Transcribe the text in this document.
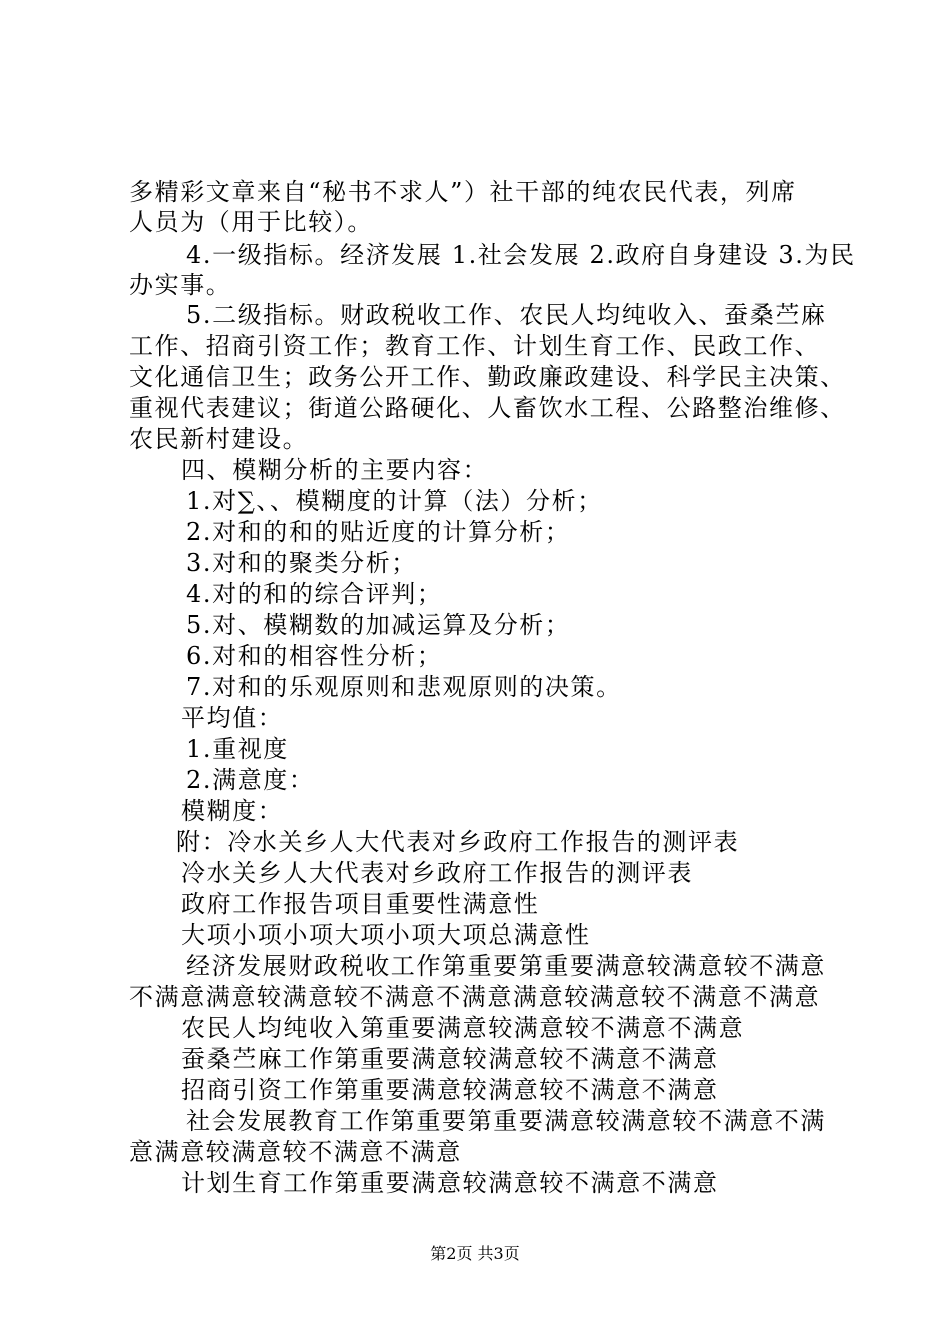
多精彩文章来自“秘书不求人”）社干部的纯农民代表，列席

人员为（用于比较）。

4.一级指标。经济发展 1.社会发展 2.政府自身建设 3.为民

办实事。

5.二级指标。财政税收工作、农民人均纯收入、蚕桑苎麻

工作、招商引资工作；教育工作、计划生育工作、民政工作、

文化通信卫生；政务公开工作、勤政廉政建设、科学民主决策、

重视代表建议；街道公路硬化、人畜饮水工程、公路整治维修、

农民新村建设。

四、模糊分析的主要内容：

1.对∑、、模糊度的计算（法）分析；

2.对和的和的贴近度的计算分析；

3.对和的聚类分析；

4.对的和的综合评判；

5.对、模糊数的加减运算及分析；

6.对和的相容性分析；

7.对和的乐观原则和悲观原则的决策。

平均值：

1.重视度

2.满意度：

模糊度：

附：冷水关乡人大代表对乡政府工作报告的测评表

冷水关乡人大代表对乡政府工作报告的测评表

政府工作报告项目重要性满意性

大项小项小项大项小项大项总满意性

经济发展财政税收工作第重要第重要满意较满意较不满意

不满意满意较满意较不满意不满意满意较满意较不满意不满意

农民人均纯收入第重要满意较满意较不满意不满意

蚕桑苎麻工作第重要满意较满意较不满意不满意

招商引资工作第重要满意较满意较不满意不满意

社会发展教育工作第重要第重要满意较满意较不满意不满

意满意较满意较不满意不满意

计划生育工作第重要满意较满意较不满意不满意

第2页 共3页
